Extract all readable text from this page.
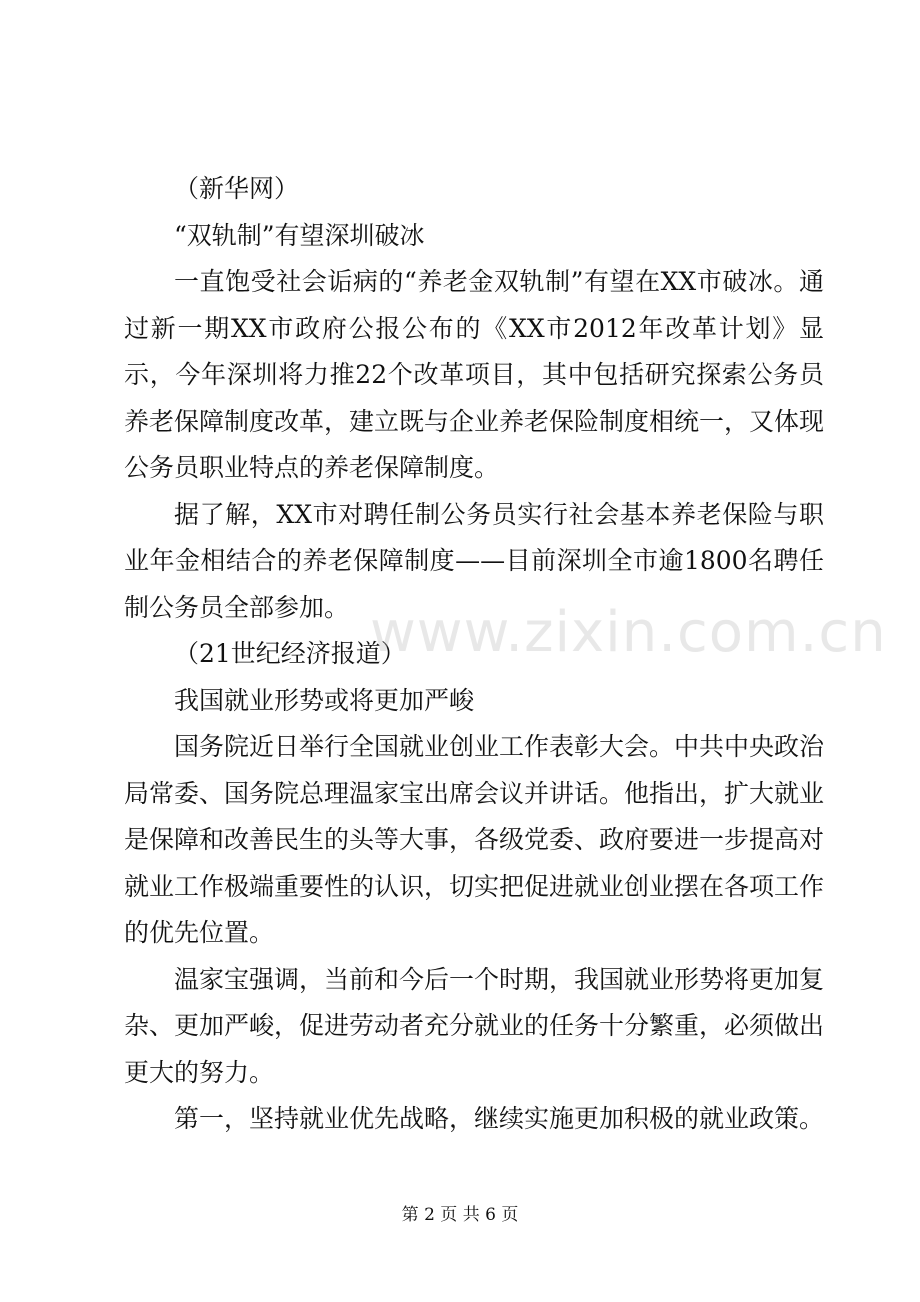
（新华网）

“双轨制”有望深圳破冰

一直饱受社会诟病的“养老金双轨制”有望在XX市破冰。通过新一期XX市政府公报公布的《XX市2012年改革计划》显示，今年深圳将力推22个改革项目，其中包括研究探索公务员养老保障制度改革，建立既与企业养老保险制度相统一，又体现公务员职业特点的养老保障制度。

据了解，XX市对聘任制公务员实行社会基本养老保险与职业年金相结合的养老保障制度——目前深圳全市逾1800名聘任制公务员全部参加。

（21世纪经济报道）

我国就业形势或将更加严峻

国务院近日举行全国就业创业工作表彰大会。中共中央政治局常委、国务院总理温家宝出席会议并讲话。他指出，扩大就业是保障和改善民生的头等大事，各级党委、政府要进一步提高对就业工作极端重要性的认识，切实把促进就业创业摆在各项工作的优先位置。

温家宝强调，当前和今后一个时期，我国就业形势将更加复杂、更加严峻，促进劳动者充分就业的任务十分繁重，必须做出更大的努力。

第一，坚持就业优先战略，继续实施更加积极的就业政策。

www.zixin.com.cn
第 2 页 共 6 页
